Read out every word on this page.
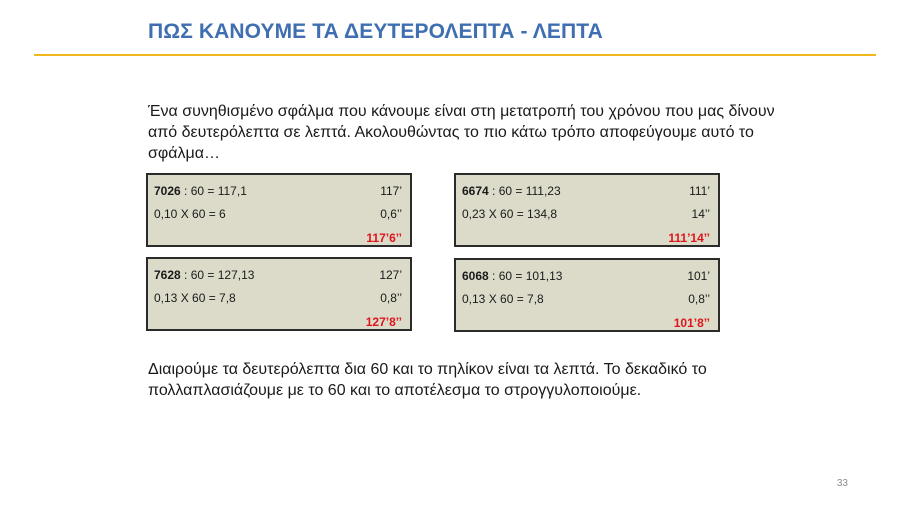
ΠΩΣ ΚΑΝΟΥΜΕ ΤΑ ΔΕΥΤΕΡΟΛΕΠΤΑ - ΛΕΠΤΑ
Ένα συνηθισμένο σφάλμα που κάνουμε είναι στη μετατροπή του χρόνου που μας δίνουν από δευτερόλεπτα σε λεπτά. Ακολουθώντας το πιο κάτω τρόπο αποφεύγουμε αυτό το σφάλμα…
7026 : 60 = 117,1	117’
0,10 X 60 = 6	0,6’’
117’6’’
6674 : 60 = 111,23	111’
0,23 X 60 = 134,8	14’’
111’14’’
7628 : 60 = 127,13	127’
0,13 X 60 = 7,8	0,8’’
127’8’’
6068 : 60 = 101,13	101’
0,13 X 60 = 7,8	0,8’’
101’8’’
Διαιρούμε τα δευτερόλεπτα δια 60 και το πηλίκον είναι τα λεπτά. Το δεκαδικό το πολλαπλασιάζουμε με το 60 και το αποτέλεσμα το στρογγυλοποιούμε.
33
